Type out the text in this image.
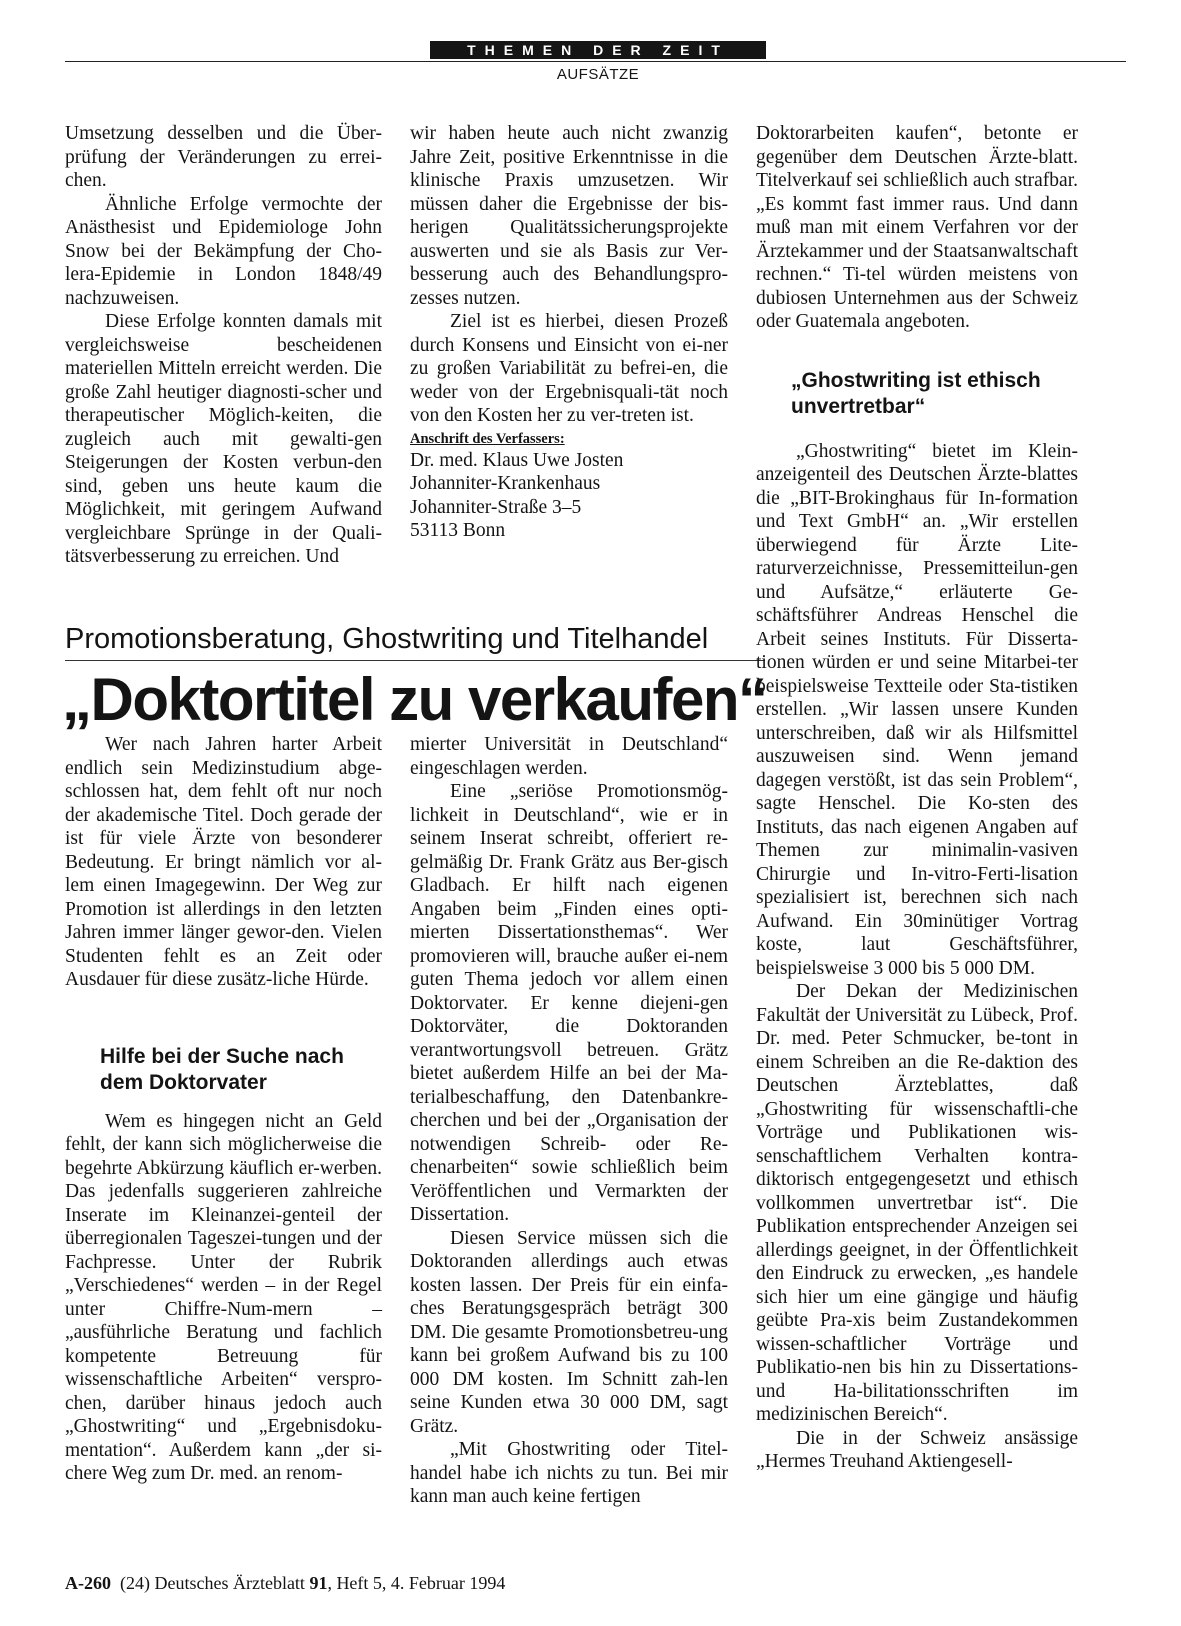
THEMEN DER ZEIT
AUFSÄTZE

Umsetzung desselben und die Über-prüfung der Veränderungen zu errei-chen.

Ähnliche Erfolge vermochte der Anästhesist und Epidemiologe John Snow bei der Bekämpfung der Cho-lera-Epidemie in London 1848/49 nachzuweisen.

Diese Erfolge konnten damals mit vergleichsweise bescheidenen materiellen Mitteln erreicht werden. Die große Zahl heutiger diagnosti-scher und therapeutischer Möglich-keiten, die zugleich auch mit gewalti-gen Steigerungen der Kosten verbun-den sind, geben uns heute kaum die Möglichkeit, mit geringem Aufwand vergleichbare Sprünge in der Quali-tätsverbesserung zu erreichen. Und

wir haben heute auch nicht zwanzig Jahre Zeit, positive Erkenntnisse in die klinische Praxis umzusetzen. Wir müssen daher die Ergebnisse der bis-herigen Qualitätssicherungsprojekte auswerten und sie als Basis zur Ver-besserung auch des Behandlungspro-zesses nutzen.

Ziel ist es hierbei, diesen Prozeß durch Konsens und Einsicht von ei-ner zu großen Variabilität zu befrei-en, die weder von der Ergebnisquali-tät noch von den Kosten her zu ver-treten ist.

Anschrift des Verfassers:
Dr. med. Klaus Uwe Josten
Johanniter-Krankenhaus
Johanniter-Straße 3–5
53113 Bonn
Promotionsberatung, Ghostwriting und Titelhandel
„Doktortitel zu verkaufen“

Wer nach Jahren harter Arbeit endlich sein Medizinstudium abge-schlossen hat, dem fehlt oft nur noch der akademische Titel. Doch gerade der ist für viele Ärzte von besonderer Bedeutung. Er bringt nämlich vor al-lem einen Imagegewinn. Der Weg zur Promotion ist allerdings in den letzten Jahren immer länger gewor-den. Vielen Studenten fehlt es an Zeit oder Ausdauer für diese zusätz-liche Hürde.

Hilfe bei der Suche nach dem Doktorvater

Wem es hingegen nicht an Geld fehlt, der kann sich möglicherweise die begehrte Abkürzung käuflich er-werben. Das jedenfalls suggerieren zahlreiche Inserate im Kleinanzei-genteil der überregionalen Tageszei-tungen und der Fachpresse. Unter der Rubrik „Verschiedenes“ werden – in der Regel unter Chiffre-Num-mern – „ausführliche Beratung und fachlich kompetente Betreuung für wissenschaftliche Arbeiten“ verspro-chen, darüber hinaus jedoch auch „Ghostwriting“ und „Ergebnisdoku-mentation“. Außerdem kann „der si-chere Weg zum Dr. med. an renom-

mierter Universität in Deutschland“ eingeschlagen werden.

Eine „seriöse Promotionsmög-lichkeit in Deutschland“, wie er in seinem Inserat schreibt, offeriert re-gelmäßig Dr. Frank Grätz aus Ber-gisch Gladbach. Er hilft nach eigenen Angaben beim „Finden eines opti-mierten Dissertationsthemas“. Wer promovieren will, brauche außer ei-nem guten Thema jedoch vor allem einen Doktorvater. Er kenne diejeni-gen Doktorväter, die Doktoranden verantwortungsvoll betreuen. Grätz bietet außerdem Hilfe an bei der Ma-terialbeschaffung, den Datenbankre-cherchen und bei der „Organisation der notwendigen Schreib- oder Re-chenarbeiten“ sowie schließlich beim Veröffentlichen und Vermarkten der Dissertation.

Diesen Service müssen sich die Doktoranden allerdings auch etwas kosten lassen. Der Preis für ein einfa-ches Beratungsgespräch beträgt 300 DM. Die gesamte Promotionsbetreu-ung kann bei großem Aufwand bis zu 100 000 DM kosten. Im Schnitt zah-len seine Kunden etwa 30 000 DM, sagt Grätz.

„Mit Ghostwriting oder Titel-handel habe ich nichts zu tun. Bei mir kann man auch keine fertigen

Doktorarbeiten kaufen“, betonte er gegenüber dem Deutschen Ärzte-blatt. Titelverkauf sei schließlich auch strafbar. „Es kommt fast immer raus. Und dann muß man mit einem Verfahren vor der Ärztekammer und der Staatsanwaltschaft rechnen.“ Ti-tel würden meistens von dubiosen Unternehmen aus der Schweiz oder Guatemala angeboten.

„Ghostwriting ist ethisch unvertretbar“

„Ghostwriting“ bietet im Klein-anzeigenteil des Deutschen Ärzte-blattes die „BIT-Brokinghaus für In-formation und Text GmbH“ an. „Wir erstellen überwiegend für Ärzte Lite-raturverzeichnisse, Pressemitteilun-gen und Aufsätze,“ erläuterte Ge-schäftsführer Andreas Henschel die Arbeit seines Instituts. Für Disserta-tionen würden er und seine Mitarbei-ter beispielsweise Textteile oder Sta-tistiken erstellen. „Wir lassen unsere Kunden unterschreiben, daß wir als Hilfsmittel auszuweisen sind. Wenn jemand dagegen verstößt, ist das sein Problem“, sagte Henschel. Die Ko-sten des Instituts, das nach eigenen Angaben auf Themen zur minimalin-vasiven Chirurgie und In-vitro-Ferti-lisation spezialisiert ist, berechnen sich nach Aufwand. Ein 30minütiger Vortrag koste, laut Geschäftsführer, beispielsweise 3 000 bis 5 000 DM.

Der Dekan der Medizinischen Fakultät der Universität zu Lübeck, Prof. Dr. med. Peter Schmucker, be-tont in einem Schreiben an die Re-daktion des Deutschen Ärzteblattes, daß „Ghostwriting für wissenschaftli-che Vorträge und Publikationen wis-senschaftlichem Verhalten kontra-diktorisch entgegengesetzt und ethisch vollkommen unvertretbar ist“. Die Publikation entsprechender Anzeigen sei allerdings geeignet, in der Öffentlichkeit den Eindruck zu erwecken, „es handele sich hier um eine gängige und häufig geübte Pra-xis beim Zustandekommen wissen-schaftlicher Vorträge und Publikatio-nen bis hin zu Dissertations- und Ha-bilitationsschriften im medizinischen Bereich“.

Die in der Schweiz ansässige „Hermes Treuhand Aktiengesell-

A-260 (24) Deutsches Ärzteblatt 91, Heft 5, 4. Februar 1994
